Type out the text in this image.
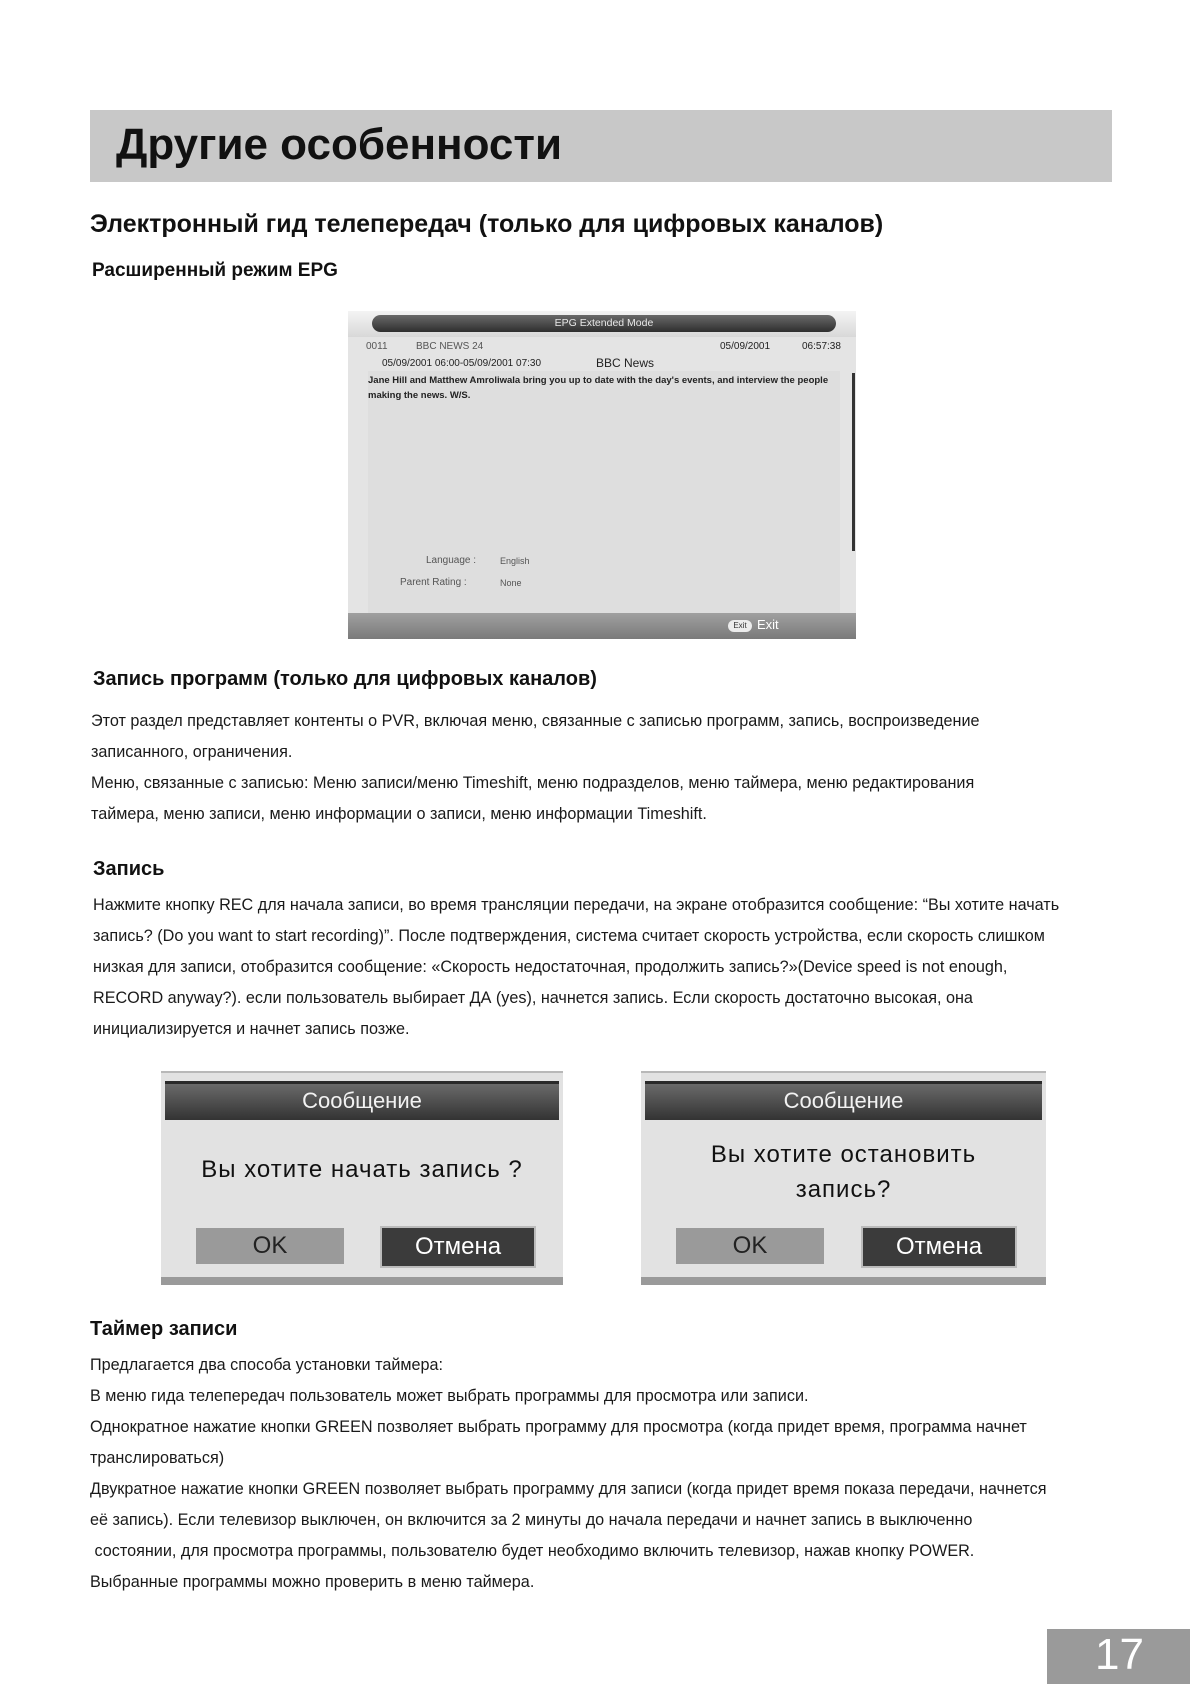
Другие особенности
Электронный гид телепередач (только для цифровых каналов)
Расширенный режим EPG
EPG Extended Mode
0011	BBC NEWS 24	05/09/2001	06:57:38
05/09/2001 06:00-05/09/2001 07:30	BBC News
Jane Hill and Matthew Amroliwala bring you up to date with the day's events, and interview the people making the news. W/S.
Language :	English
Parent Rating :	None
Exit Exit
Запись программ (только для цифровых каналов)

Этот раздел представляет контенты о PVR, включая меню, связанные с записью программ, запись, воспроизведение

записанного, ограничения.

Меню, связанные с записью: Меню записи/меню Timeshift, меню подразделов, меню таймера, меню редактирования

таймера, меню записи, меню информации о записи, меню информации Timeshift.

Запись

Нажмите кнопку REC для начала записи, во время трансляции передачи, на экране отобразится сообщение: “Вы хотите начать

запись? (Do you want to start recording)”. После подтверждения, система считает скорость устройства, если скорость слишком

низкая для записи, отобразится сообщение: «Скорость недостаточная, продолжить запись?»(Device speed is not enough,

RECORD anyway?). если пользователь выбирает ДА (yes), начнется запись. Если скорость достаточно высокая, она

инициализируется и начнет запись позже.

Сообщение
Вы хотите начать запись ?
OK	Отмена
Сообщение
Вы хотите остановить
запись?
OK	Отмена
Таймер записи

Предлагается два способа установки таймера:

В меню гида телепередач пользователь может выбрать программы для просмотра или записи.

Однократное нажатие кнопки GREEN позволяет выбрать программу для просмотра (когда придет время, программа начнет

транслироваться)

Двукратное нажатие кнопки GREEN позволяет выбрать программу для записи (когда придет время показа передачи, начнется

её запись). Если телевизор выключен, он включится за 2 минуты до начала передачи и начнет запись в выключенно

состоянии, для просмотра программы, пользователю будет необходимо включить телевизор, нажав кнопку POWER.

Выбранные программы можно проверить в меню таймера.

17
